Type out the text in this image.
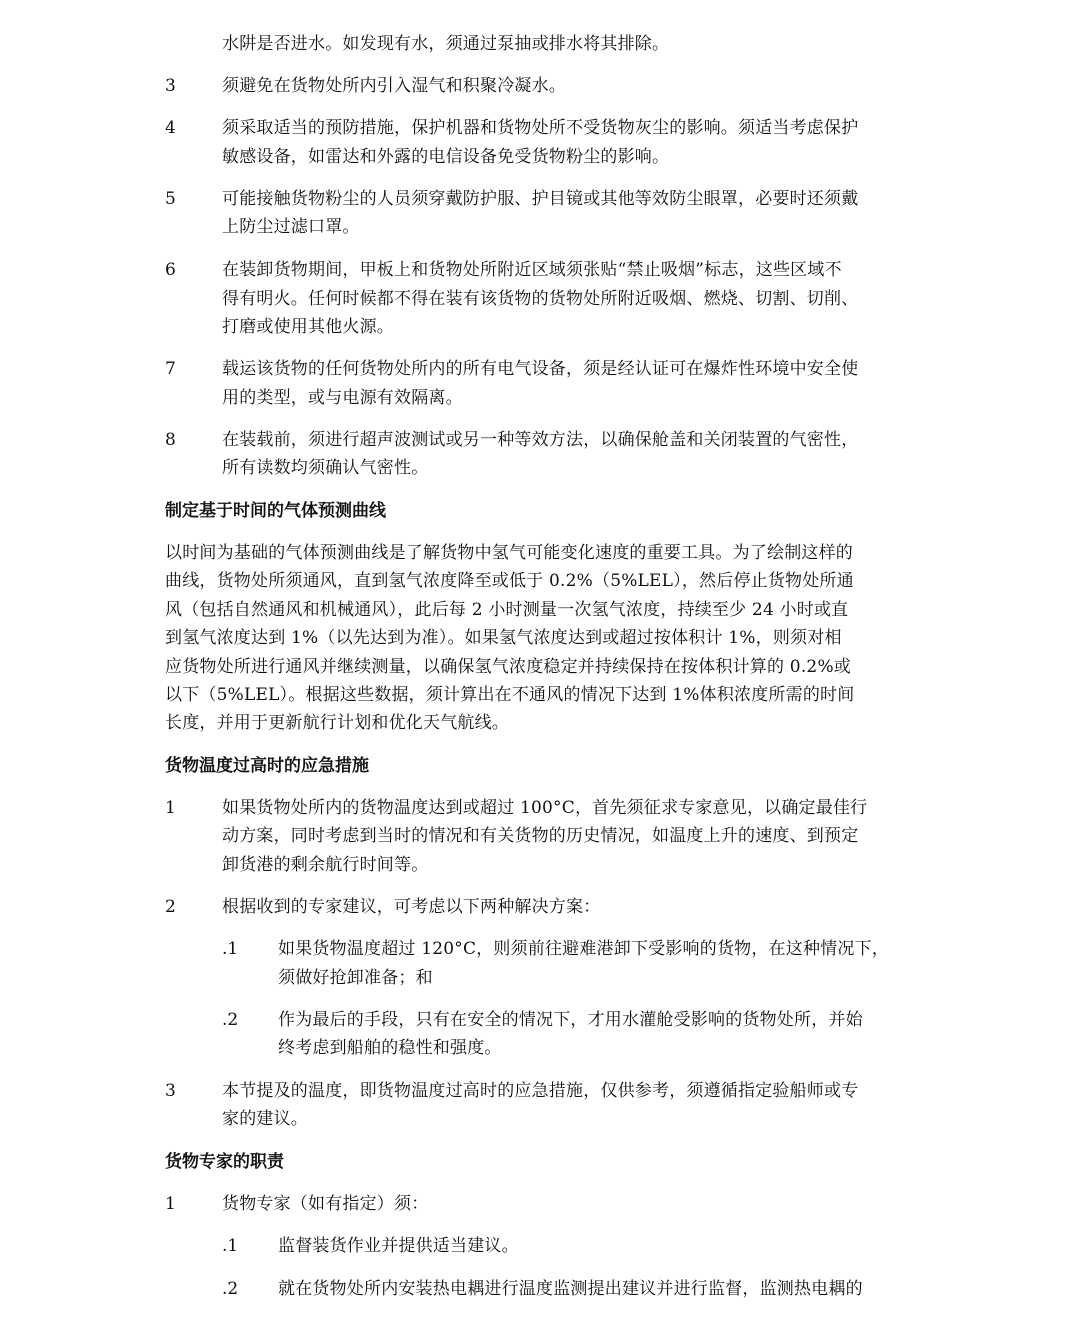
水阱是否进水。如发现有水，须通过泵抽或排水将其排除。
3	须避免在货物处所内引入湿气和积聚冷凝水。
4	须采取适当的预防措施，保护机器和货物处所不受货物灰尘的影响。须适当考虑保护
敏感设备，如雷达和外露的电信设备免受货物粉尘的影响。
5	可能接触货物粉尘的人员须穿戴防护服、护目镜或其他等效防尘眼罩，必要时还须戴
上防尘过滤口罩。
6	在装卸货物期间，甲板上和货物处所附近区域须张贴“禁止吸烟”标志，这些区域不
得有明火。任何时候都不得在装有该货物的货物处所附近吸烟、燃烧、切割、切削、
打磨或使用其他火源。
7	载运该货物的任何货物处所内的所有电气设备，须是经认证可在爆炸性环境中安全使
用的类型，或与电源有效隔离。
8	在装载前，须进行超声波测试或另一种等效方法，以确保舱盖和关闭装置的气密性，
所有读数均须确认气密性。
制定基于时间的气体预测曲线
以时间为基础的气体预测曲线是了解货物中氢气可能变化速度的重要工具。为了绘制这样的
曲线，货物处所须通风，直到氢气浓度降至或低于 0.2%（5%LEL），然后停止货物处所通
风（包括自然通风和机械通风），此后每 2 小时测量一次氢气浓度，持续至少 24 小时或直
到氢气浓度达到 1%（以先达到为准）。如果氢气浓度达到或超过按体积计 1%，则须对相
应货物处所进行通风并继续测量，以确保氢气浓度稳定并持续保持在按体积计算的 0.2%或
以下（5%LEL）。根据这些数据，须计算出在不通风的情况下达到 1%体积浓度所需的时间
长度，并用于更新航行计划和优化天气航线。
货物温度过高时的应急措施
1	如果货物处所内的货物温度达到或超过 100°C，首先须征求专家意见，以确定最佳行
动方案，同时考虑到当时的情况和有关货物的历史情况，如温度上升的速度、到预定
卸货港的剩余航行时间等。
2	根据收到的专家建议，可考虑以下两种解决方案：
.1 如果货物温度超过 120°C，则须前往避难港卸下受影响的货物，在这种情况下，
须做好抢卸准备；和
.2 作为最后的手段，只有在安全的情况下，才用水灌舱受影响的货物处所，并始
终考虑到船舶的稳性和强度。
3	本节提及的温度，即货物温度过高时的应急措施，仅供参考，须遵循指定验船师或专
家的建议。
货物专家的职责
1	货物专家（如有指定）须：
.1 监督装货作业并提供适当建议。
.2 就在货物处所内安装热电耦进行温度监测提出建议并进行监督，监测热电耦的
